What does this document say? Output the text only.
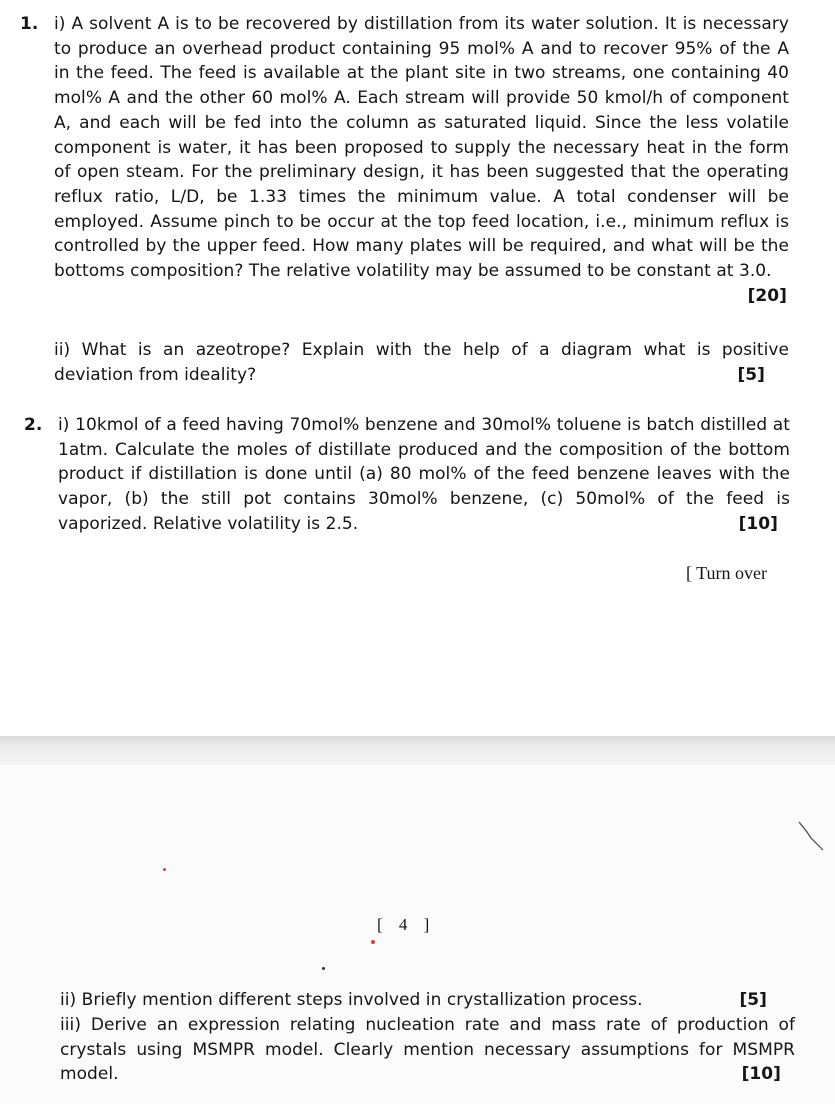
1. i) A solvent A is to be recovered by distillation from its water solution. It is necessary to produce an overhead product containing 95 mol% A and to recover 95% of the A in the feed. The feed is available at the plant site in two streams, one containing 40 mol% A and the other 60 mol% A. Each stream will provide 50 kmol/h of component A, and each will be fed into the column as saturated liquid. Since the less volatile component is water, it has been proposed to supply the necessary heat in the form of open steam. For the preliminary design, it has been suggested that the operating reflux ratio, L/D, be 1.33 times the minimum value. A total condenser will be employed. Assume pinch to be occur at the top feed location, i.e., minimum reflux is controlled by the upper feed. How many plates will be required, and what will be the bottoms composition? The relative volatility may be assumed to be constant at 3.0.
[20]

ii) What is an azeotrope? Explain with the help of a diagram what is positive deviation from ideality?	[5]

2. i) 10kmol of a feed having 70mol% benzene and 30mol% toluene is batch distilled at 1atm. Calculate the moles of distillate produced and the composition of the bottom product if distillation is done until (a) 80 mol% of the feed benzene leaves with the vapor, (b) the still pot contains 30mol% benzene, (c) 50mol% of the feed is vaporized. Relative volatility is 2.5.	[10]

[ Turn over
[ 4 ]

ii) Briefly mention different steps involved in crystallization process.	[5]

iii) Derive an expression relating nucleation rate and mass rate of production of crystals using MSMPR model. Clearly mention necessary assumptions for MSMPR model.	[10]
